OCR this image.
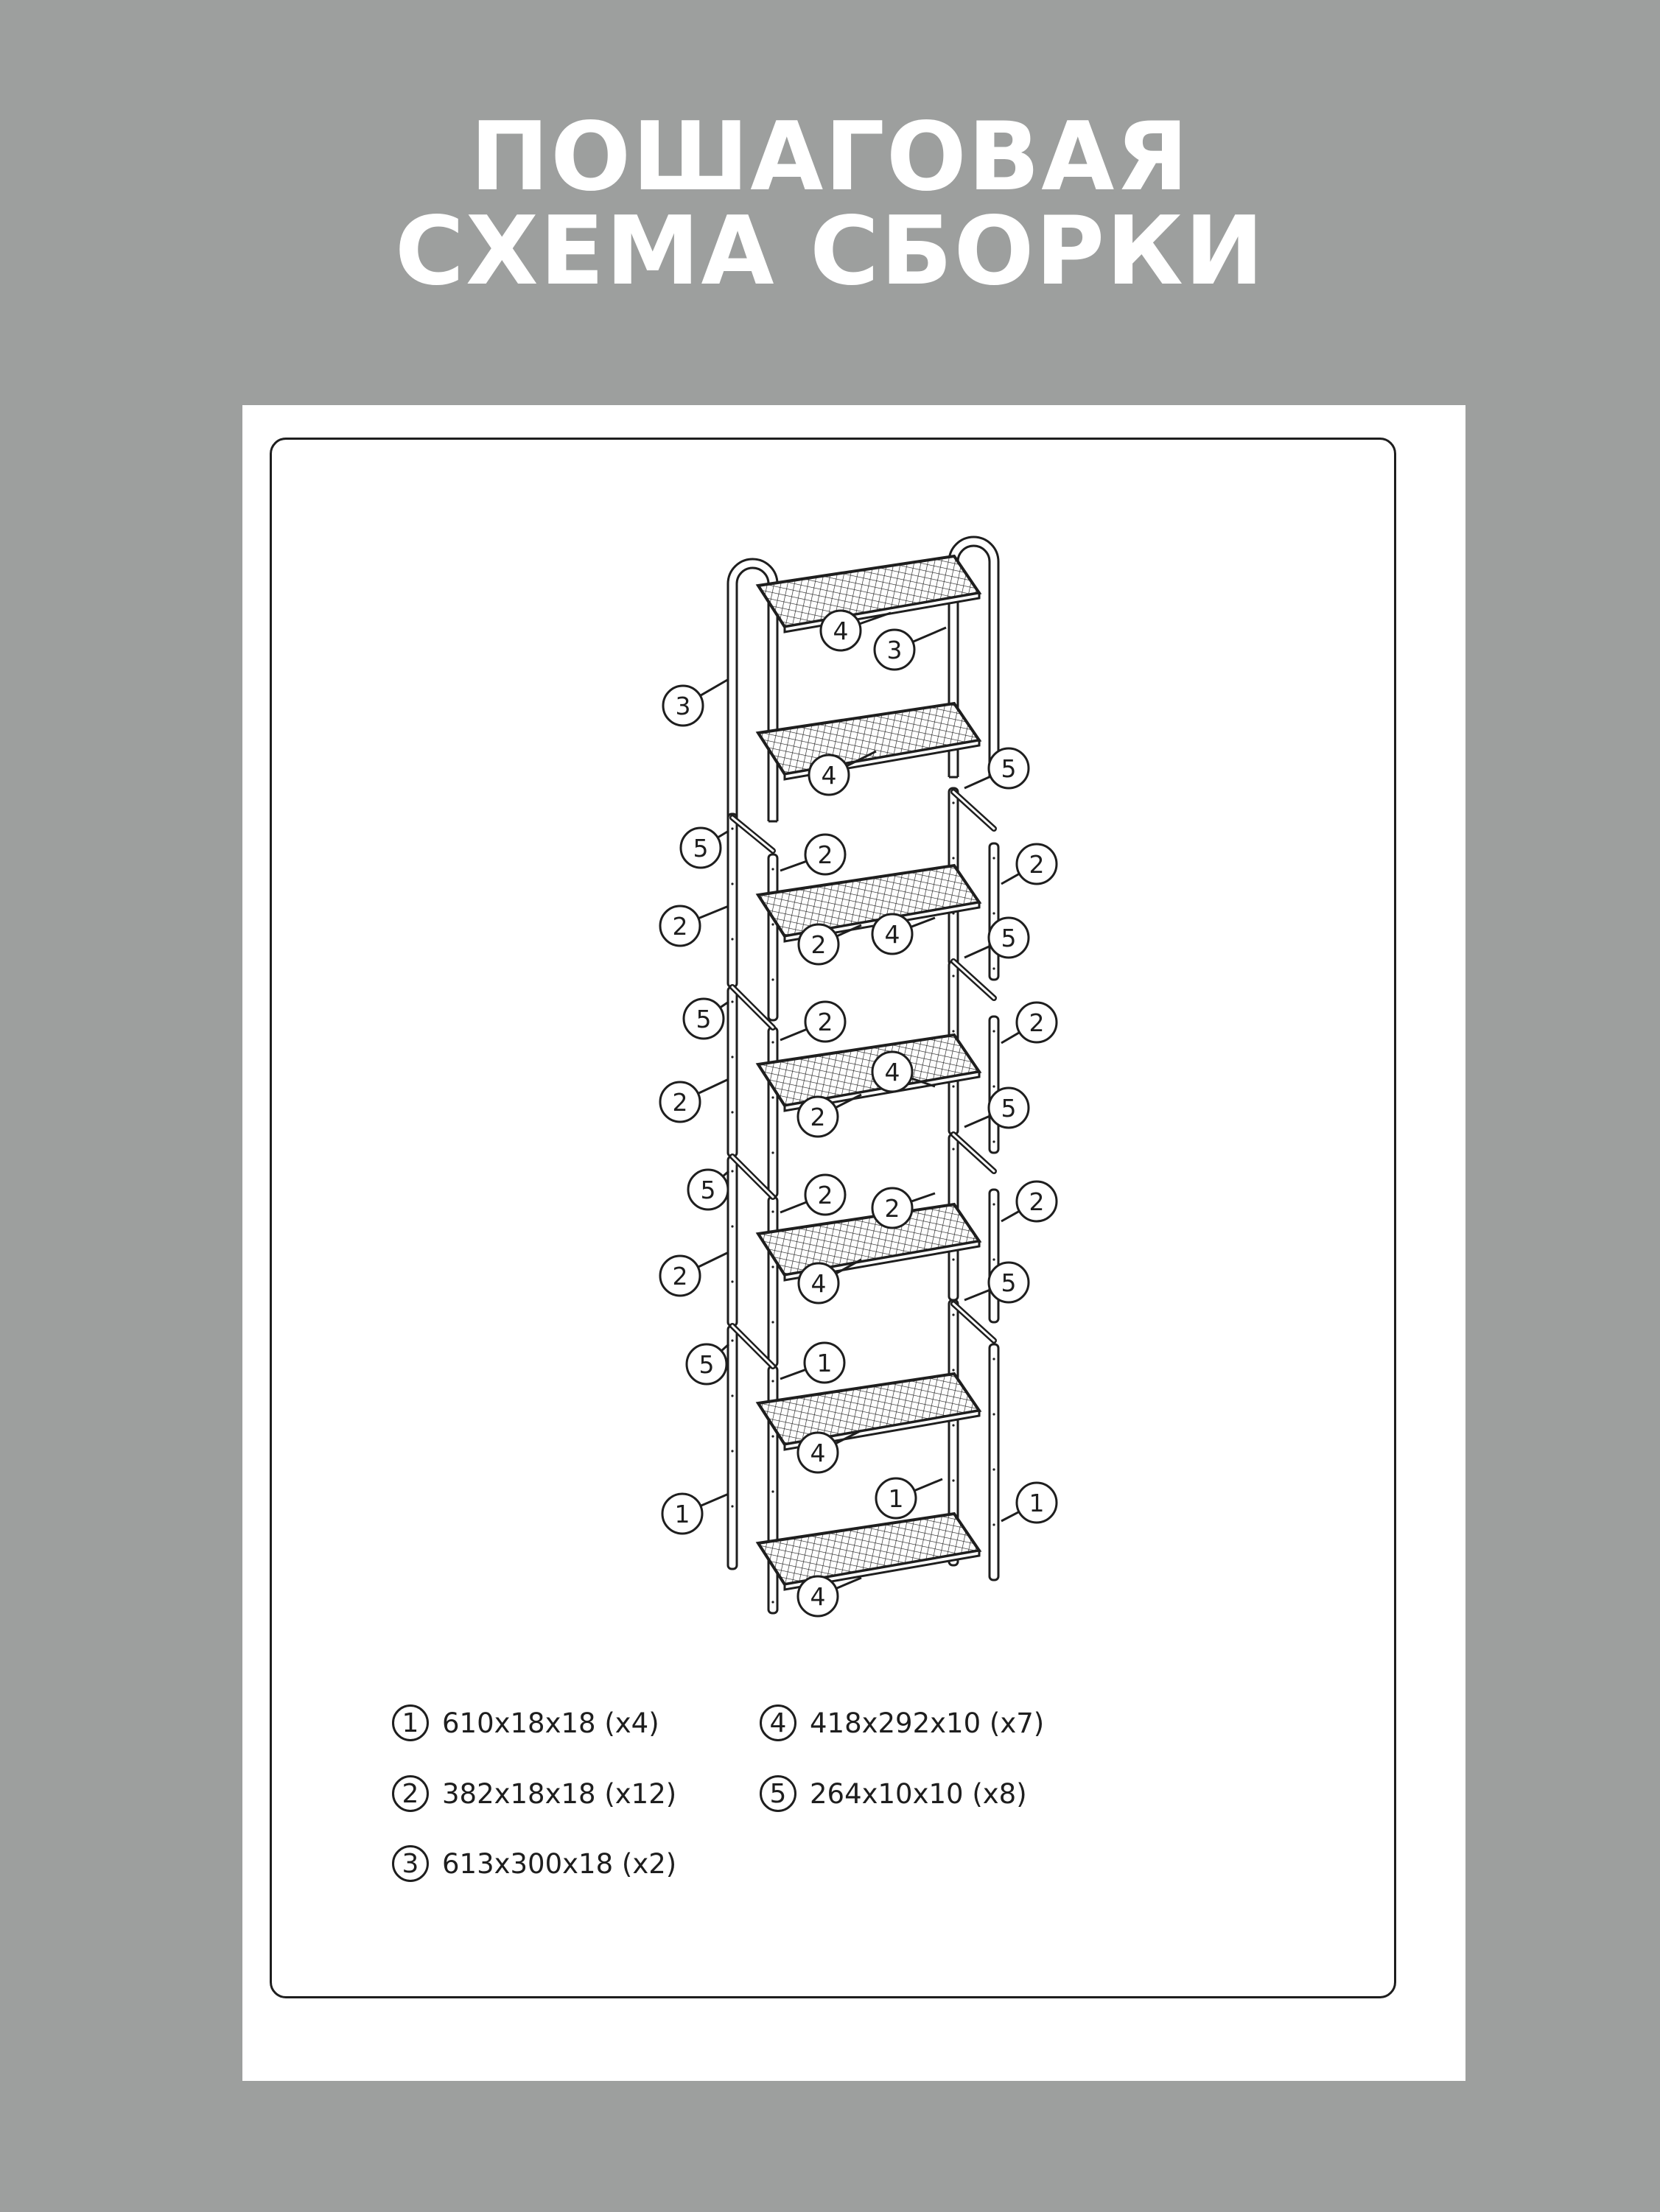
ПОШАГОВАЯ
СХЕМА СБОРКИ
4
3
3
4	5
5	2	2
2
2 4	5
5	2	2
2
2
4
5
5	2 2	2
2	4	5
5	1
4
1
1	1
4
1 610x18x18 (x4)
2 382x18x18 (x12)
3 613x300x18 (x2)
4 418x292x10 (x7)
5 264x10x10 (x8)
